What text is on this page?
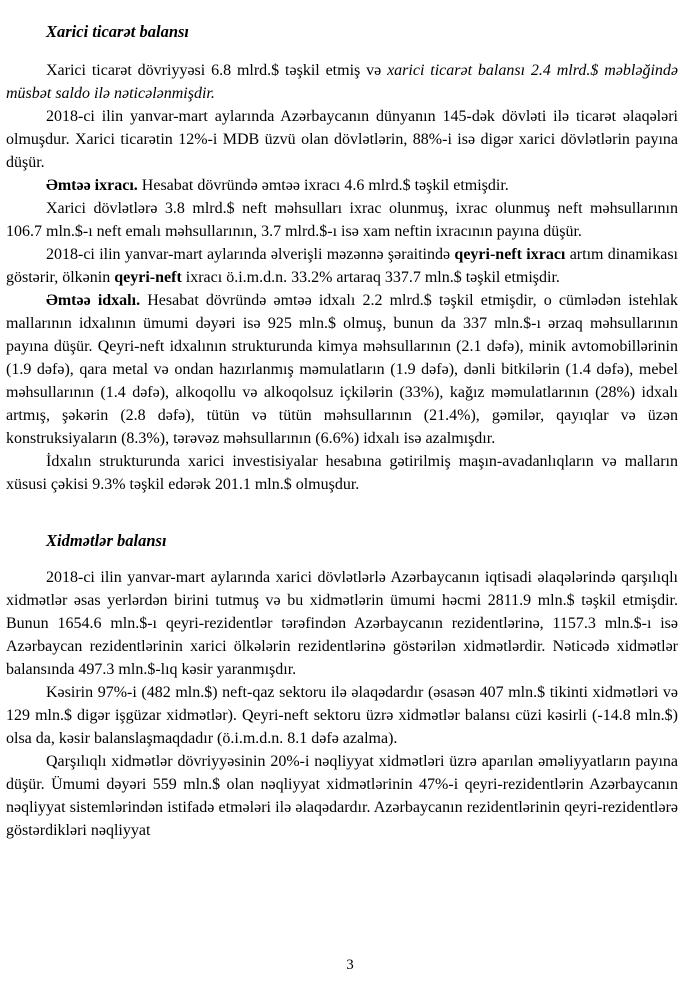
Xarici ticarət balansı

Xarici ticarət dövriyyəsi 6.8 mlrd.$ təşkil etmiş və xarici ticarət balansı 2.4 mlrd.$ məbləğində müsbət saldo ilə nəticələnmişdir.

2018-ci ilin yanvar-mart aylarında Azərbaycanın dünyanın 145-dək dövləti ilə ticarət əlaqələri olmuşdur. Xarici ticarətin 12%-i MDB üzvü olan dövlətlərin, 88%-i isə digər xarici dövlətlərin payına düşür.

Əmtəə ixracı. Hesabat dövründə əmtəə ixracı 4.6 mlrd.$ təşkil etmişdir.

Xarici dövlətlərə 3.8 mlrd.$ neft məhsulları ixrac olunmuş, ixrac olunmuş neft məhsullarının 106.7 mln.$-ı neft emalı məhsullarının, 3.7 mlrd.$-ı isə xam neftin ixracının payına düşür.

2018-ci ilin yanvar-mart aylarında əlverişli məzənnə şəraitində qeyri-neft ixracı artım dinamikası göstərir, ölkənin qeyri-neft ixracı ö.i.m.d.n. 33.2% artaraq 337.7 mln.$ təşkil etmişdir.

Əmtəə idxalı. Hesabat dövründə əmtəə idxalı 2.2 mlrd.$ təşkil etmişdir, o cümlədən istehlak mallarının idxalının ümumi dəyəri isə 925 mln.$ olmuş, bunun da 337 mln.$-ı ərzaq məhsullarının payına düşür. Qeyri-neft idxalının strukturunda kimya məhsullarının (2.1 dəfə), minik avtomobillərinin (1.9 dəfə), qara metal və ondan hazırlanmış məmulatların (1.9 dəfə), dənli bitkilərin (1.4 dəfə), mebel məhsullarının (1.4 dəfə), alkoqollu və alkoqolsuz içkilərin (33%), kağız məmulatlarının (28%) idxalı artmış, şəkərin (2.8 dəfə), tütün və tütün məhsullarının (21.4%), gəmilər, qayıqlar və üzən konstruksiyaların (8.3%), tərəvəz məhsullarının (6.6%) idxalı isə azalmışdır.

İdxalın strukturunda xarici investisiyalar hesabına gətirilmiş maşın-avadanlıqların və malların xüsusi çəkisi 9.3% təşkil edərək 201.1 mln.$ olmuşdur.

Xidmətlər balansı

2018-ci ilin yanvar-mart aylarında xarici dövlətlərlə Azərbaycanın iqtisadi əlaqələrində qarşılıqlı xidmətlər əsas yerlərdən birini tutmuş və bu xidmətlərin ümumi həcmi 2811.9 mln.$ təşkil etmişdir. Bunun 1654.6 mln.$-ı qeyri-rezidentlər tərəfindən Azərbaycanın rezidentlərinə, 1157.3 mln.$-ı isə Azərbaycan rezidentlərinin xarici ölkələrin rezidentlərinə göstərilən xidmətlərdir. Nəticədə xidmətlər balansında 497.3 mln.$-lıq kəsir yaranmışdır.

Kəsirin 97%-i (482 mln.$) neft-qaz sektoru ilə əlaqədardır (əsasən 407 mln.$ tikinti xidmətləri və 129 mln.$ digər işgüzar xidmətlər). Qeyri-neft sektoru üzrə xidmətlər balansı cüzi kəsirli (-14.8 mln.$) olsa da, kəsir balanslaşmaqdadır (ö.i.m.d.n. 8.1 dəfə azalma).

Qarşılıqlı xidmətlər dövriyyəsinin 20%-i nəqliyyat xidmətləri üzrə aparılan əməliyyatların payına düşür. Ümumi dəyəri 559 mln.$ olan nəqliyyat xidmətlərinin 47%-i qeyri-rezidentlərin Azərbaycanın nəqliyyat sistemlərindən istifadə etmələri ilə əlaqədardır. Azərbaycanın rezidentlərinin qeyri-rezidentlərə göstərdikləri nəqliyyat

3
